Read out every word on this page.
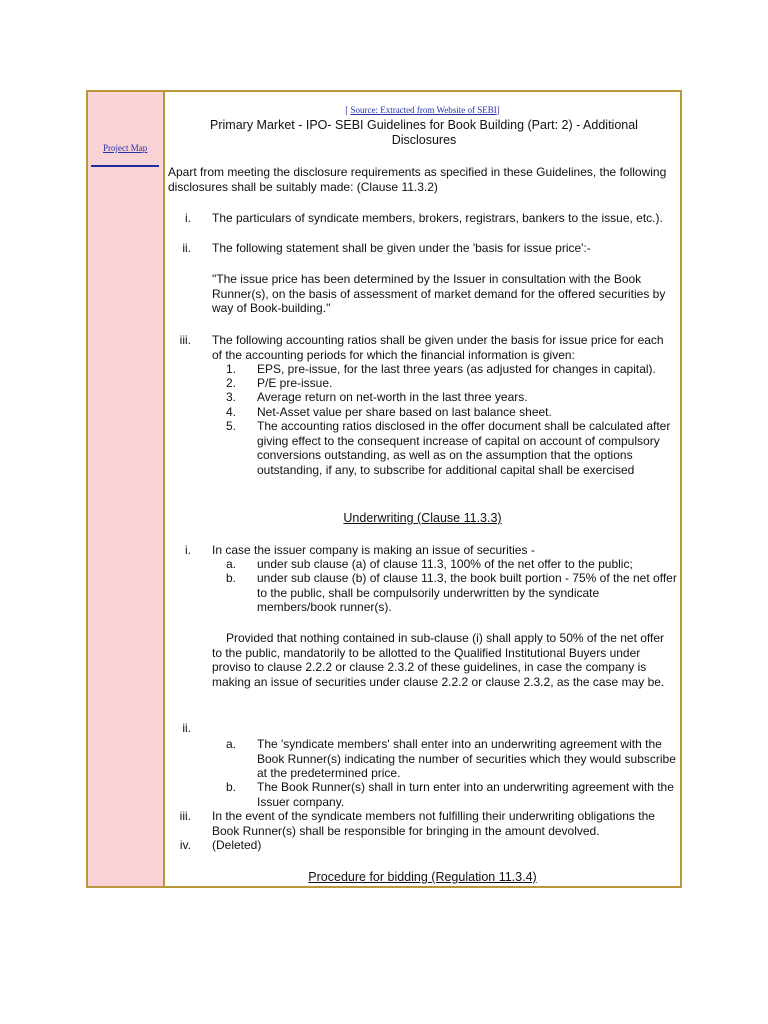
Project Map
[ Source: Extracted from Website of SEBI]
Primary Market - IPO- SEBI Guidelines for Book Building (Part: 2) - Additional Disclosures
Apart from meeting the disclosure requirements as specified in these Guidelines, the following disclosures shall be suitably made: (Clause 11.3.2)
i. The particulars of syndicate members, brokers, registrars, bankers to the issue, etc.).
ii. The following statement shall be given under the 'basis for issue price':-
"The issue price has been determined by the Issuer in consultation with the Book Runner(s), on the basis of assessment of market demand for the offered securities by way of Book-building."
iii. The following accounting ratios shall be given under the basis for issue price for each of the accounting periods for which the financial information is given:
1. EPS, pre-issue, for the last three years (as adjusted for changes in capital).
2. P/E pre-issue.
3. Average return on net-worth in the last three years.
4. Net-Asset value per share based on last balance sheet.
5. The accounting ratios disclosed in the offer document shall be calculated after giving effect to the consequent increase of capital on account of compulsory conversions outstanding, as well as on the assumption that the options outstanding, if any, to subscribe for additional capital shall be exercised
Underwriting (Clause 11.3.3)
i. In case the issuer company is making an issue of securities -
a. under sub clause (a) of clause 11.3, 100% of the net offer to the public;
b. under sub clause (b) of clause 11.3, the book built portion - 75% of the net offer to the public, shall be compulsorily underwritten by the syndicate members/book runner(s).
Provided that nothing contained in sub-clause (i) shall apply to 50% of the net offer to the public, mandatorily to be allotted to the Qualified Institutional Buyers under proviso to clause 2.2.2 or clause 2.3.2 of these guidelines, in case the company is making an issue of securities under clause 2.2.2 or clause 2.3.2, as the case may be.
ii.
a. The 'syndicate members' shall enter into an underwriting agreement with the Book Runner(s) indicating the number of securities which they would subscribe at the predetermined price.
b. The Book Runner(s) shall in turn enter into an underwriting agreement with the Issuer company.
iii. In the event of the syndicate members not fulfilling their underwriting obligations the Book Runner(s) shall be responsible for bringing in the amount devolved.
iv. (Deleted)
Procedure for bidding (Regulation 11.3.4)
